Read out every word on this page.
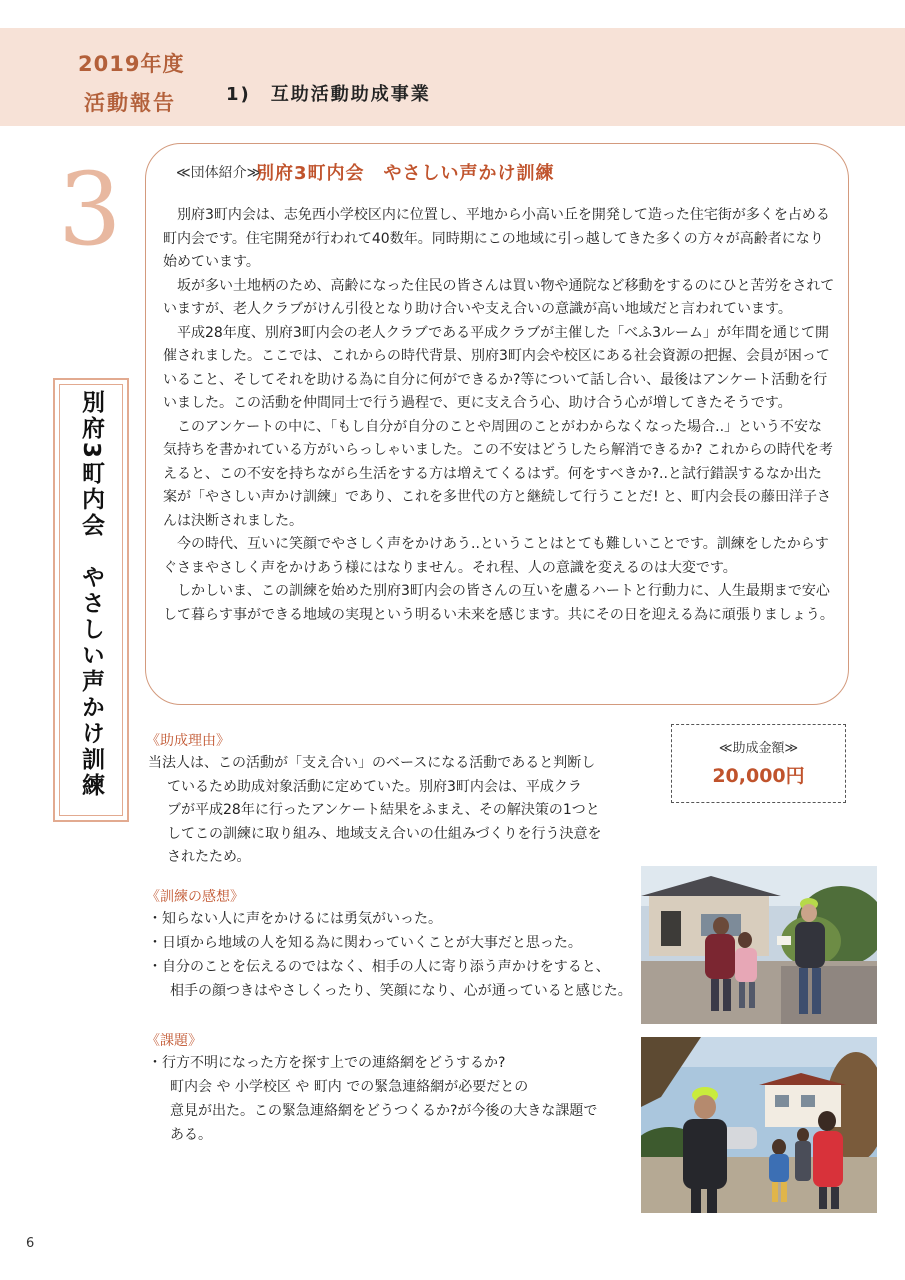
2019年度
活動報告	1)　互助活動助成事業
3
別府3町内会　やさしい声かけ訓練
≪団体紹介≫
別府3町内会　やさしい声かけ訓練

別府3町内会は、志免西小学校区内に位置し、平地から小高い丘を開発して造った住宅街が多くを占める町内会です。住宅開発が行われて40数年。同時期にこの地域に引っ越してきた多くの方々が高齢者になり始めています。

坂が多い土地柄のため、高齢になった住民の皆さんは買い物や通院など移動をするのにひと苦労をされていますが、老人クラブがけん引役となり助け合いや支え合いの意識が高い地域だと言われています。

平成28年度、別府3町内会の老人クラブである平成クラブが主催した「べふ3ルーム」が年間を通じて開催されました。ここでは、これからの時代背景、別府3町内会や校区にある社会資源の把握、会員が困っていること、そしてそれを助ける為に自分に何ができるか?等について話し合い、最後はアンケート活動を行いました。この活動を仲間同士で行う過程で、更に支え合う心、助け合う心が増してきたそうです。

このアンケートの中に、「もし自分が自分のことや周囲のことがわからなくなった場合..」という不安な気持ちを書かれている方がいらっしゃいました。この不安はどうしたら解消できるか? これからの時代を考えると、この不安を持ちながら生活をする方は増えてくるはず。何をすべきか?..と試行錯誤するなか出た案が「やさしい声かけ訓練」であり、これを多世代の方と継続して行うことだ! と、町内会長の藤田洋子さんは決断されました。

今の時代、互いに笑顔でやさしく声をかけあう..ということはとても難しいことです。訓練をしたからすぐさまやさしく声をかけあう様にはなりません。それ程、人の意識を変えるのは大変です。

しかしいま、この訓練を始めた別府3町内会の皆さんの互いを慮るハートと行動力に、人生最期まで安心して暮らす事ができる地域の実現という明るい未来を感じます。共にその日を迎える為に頑張りましょう。

《助成理由》
当法人は、この活動が「支え合い」のベースになる活動であると判断し
ているため助成対象活動に定めていた。別府3町内会は、平成クラ
ブが平成28年に行ったアンケート結果をふまえ、その解決策の1つと
してこの訓練に取り組み、地域支え合いの仕組みづくりを行う決意を
されたため。
≪助成金額≫
20,000円
《訓練の感想》
・知らない人に声をかけるには勇気がいった。
・日頃から地域の人を知る為に関わっていくことが大事だと思った。
・自分のことを伝えるのではなく、相手の人に寄り添う声かけをすると、
相手の顔つきはやさしくったり、笑顔になり、心が通っていると感じた。
《課題》
・行方不明になった方を探す上での連絡網をどうするか?
町内会 や 小学校区 や 町内 での緊急連絡網が必要だとの
意見が出た。この緊急連絡網をどうつくるか?が今後の大きな課題で
ある。
6
